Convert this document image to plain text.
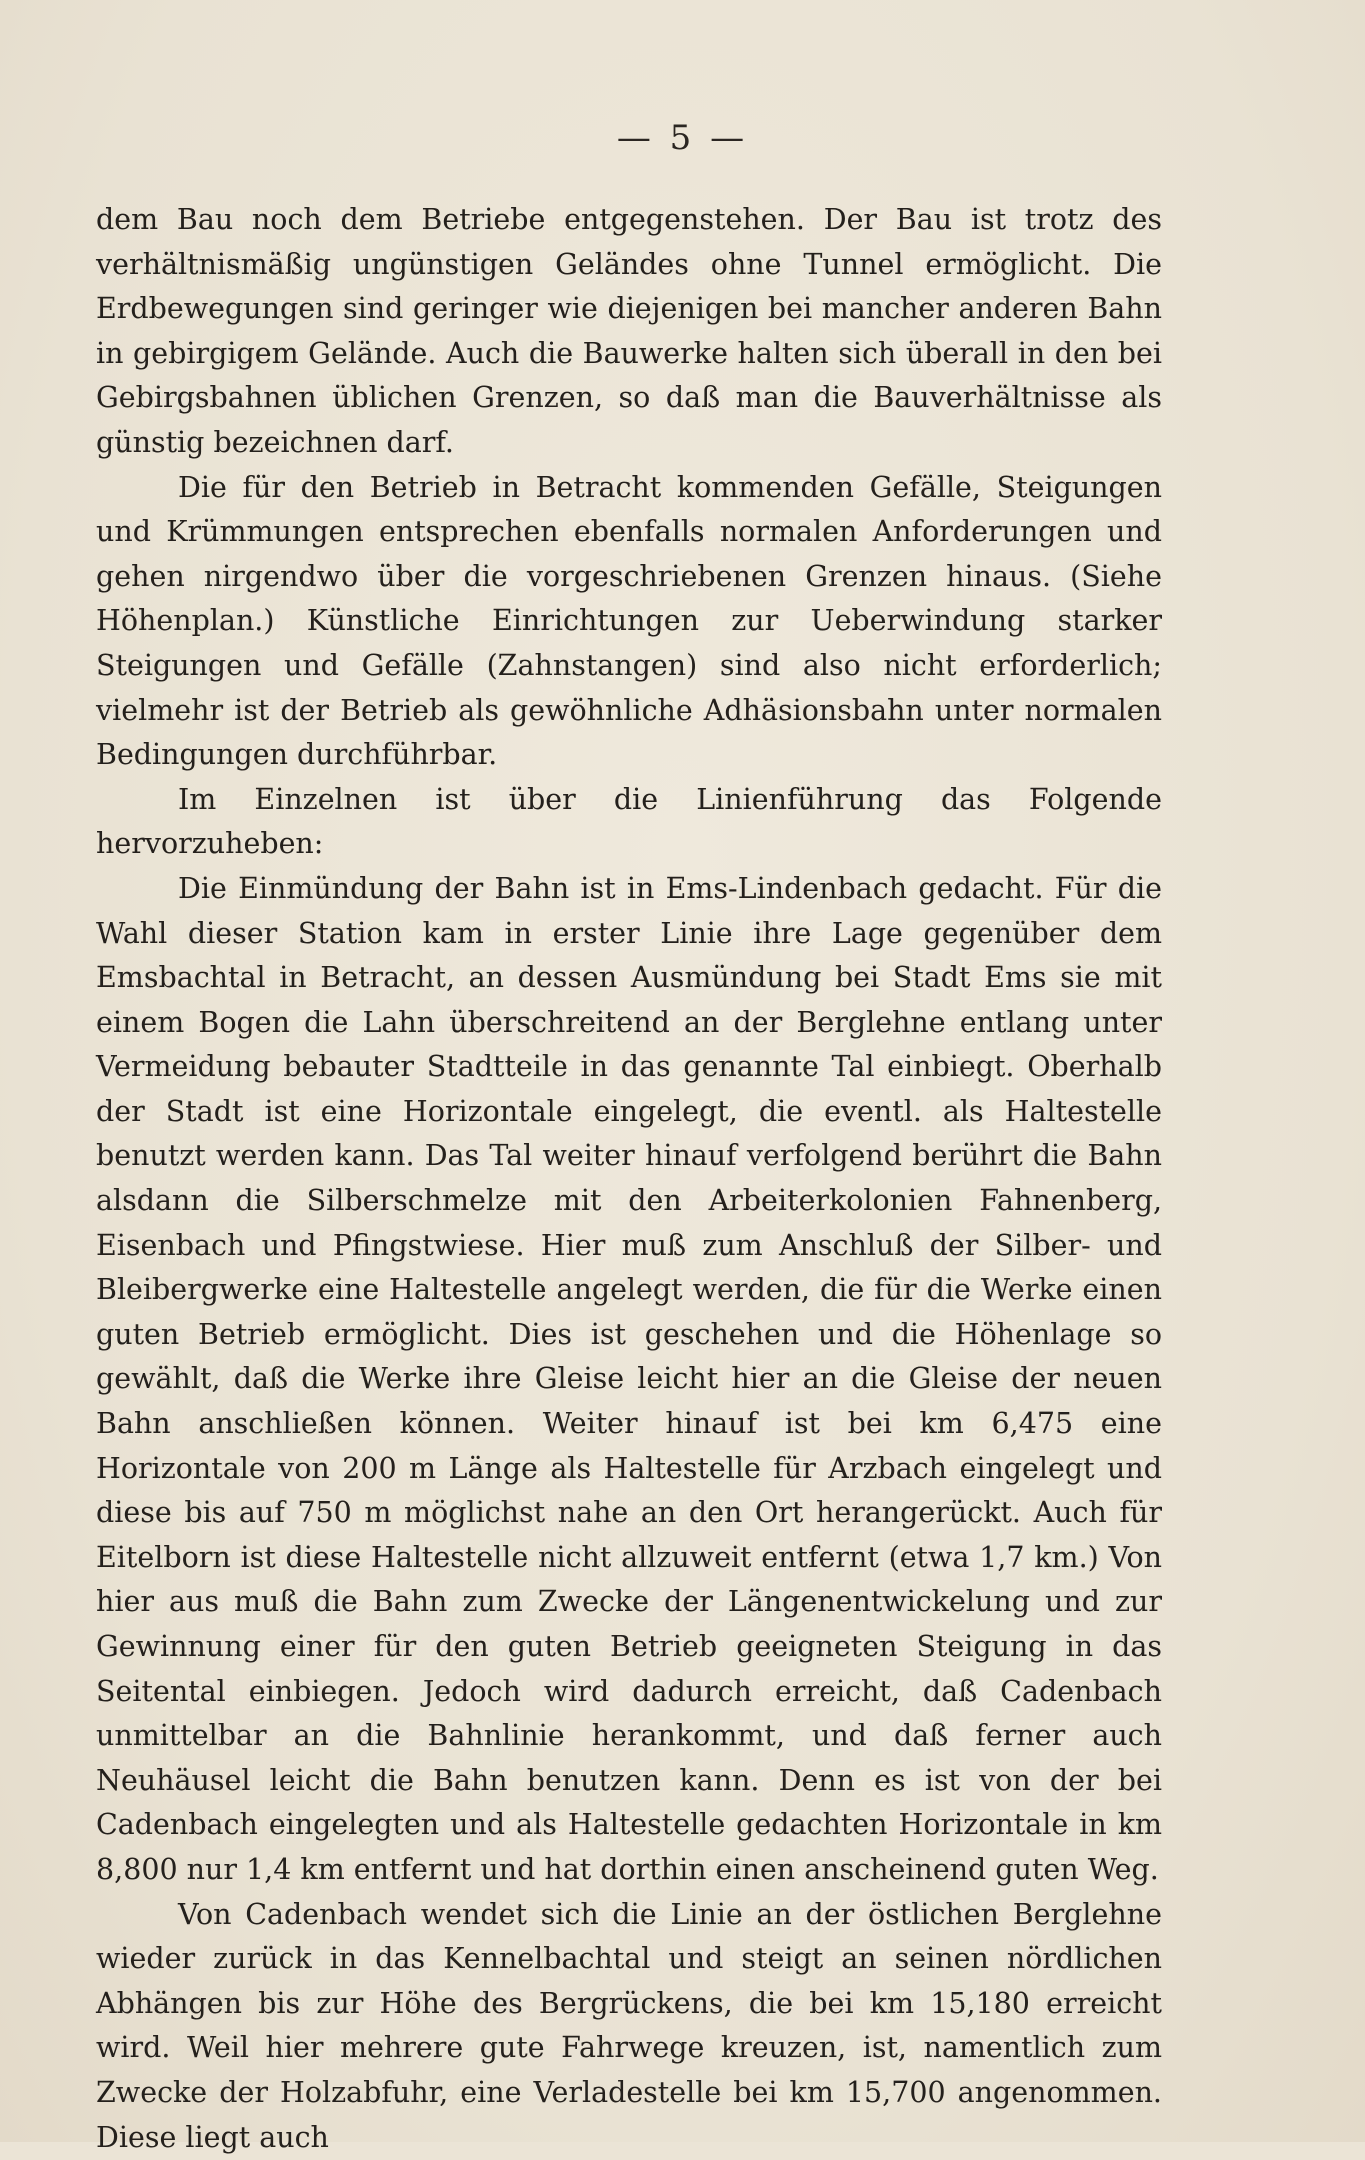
— 5 —

dem Bau noch dem Betriebe entgegenstehen. Der Bau ist trotz des verhältnismäßig ungünstigen Geländes ohne Tunnel ermöglicht. Die Erdbewegungen sind geringer wie diejenigen bei mancher anderen Bahn in gebirgigem Gelände. Auch die Bauwerke halten sich überall in den bei Gebirgsbahnen üblichen Grenzen, so daß man die Bauverhältnisse als günstig bezeichnen darf.

Die für den Betrieb in Betracht kommenden Gefälle, Steigungen und Krümmungen entsprechen ebenfalls normalen Anforderungen und gehen nirgendwo über die vorgeschriebenen Grenzen hinaus. (Siehe Höhenplan.) Künstliche Einrichtungen zur Ueberwindung starker Steigungen und Gefälle (Zahnstangen) sind also nicht erforderlich; vielmehr ist der Betrieb als gewöhnliche Adhäsionsbahn unter normalen Bedingungen durchführbar.

Im Einzelnen ist über die Linienführung das Folgende hervorzuheben:

Die Einmündung der Bahn ist in Ems-Lindenbach gedacht. Für die Wahl dieser Station kam in erster Linie ihre Lage gegenüber dem Emsbachtal in Betracht, an dessen Ausmündung bei Stadt Ems sie mit einem Bogen die Lahn überschreitend an der Berglehne entlang unter Vermeidung bebauter Stadtteile in das genannte Tal einbiegt. Oberhalb der Stadt ist eine Horizontale eingelegt, die eventl. als Haltestelle benutzt werden kann. Das Tal weiter hinauf verfolgend berührt die Bahn alsdann die Silberschmelze mit den Arbeiterkolonien Fahnenberg, Eisenbach und Pfingstwiese. Hier muß zum Anschluß der Silber- und Bleibergwerke eine Haltestelle angelegt werden, die für die Werke einen guten Betrieb ermöglicht. Dies ist geschehen und die Höhenlage so gewählt, daß die Werke ihre Gleise leicht hier an die Gleise der neuen Bahn anschließen können. Weiter hinauf ist bei km 6,475 eine Horizontale von 200 m Länge als Haltestelle für Arzbach eingelegt und diese bis auf 750 m möglichst nahe an den Ort herangerückt. Auch für Eitelborn ist diese Haltestelle nicht allzuweit entfernt (etwa 1,7 km.) Von hier aus muß die Bahn zum Zwecke der Längenentwickelung und zur Gewinnung einer für den guten Betrieb geeigneten Steigung in das Seitental einbiegen. Jedoch wird dadurch erreicht, daß Cadenbach unmittelbar an die Bahnlinie herankommt, und daß ferner auch Neuhäusel leicht die Bahn benutzen kann. Denn es ist von der bei Cadenbach eingelegten und als Haltestelle gedachten Horizontale in km 8,800 nur 1,4 km entfernt und hat dorthin einen anscheinend guten Weg.

Von Cadenbach wendet sich die Linie an der östlichen Berglehne wieder zurück in das Kennelbachtal und steigt an seinen nördlichen Abhängen bis zur Höhe des Bergrückens, die bei km 15,180 erreicht wird. Weil hier mehrere gute Fahrwege kreuzen, ist, namentlich zum Zwecke der Holzabfuhr, eine Verladestelle bei km 15,700 angenommen. Diese liegt auch
